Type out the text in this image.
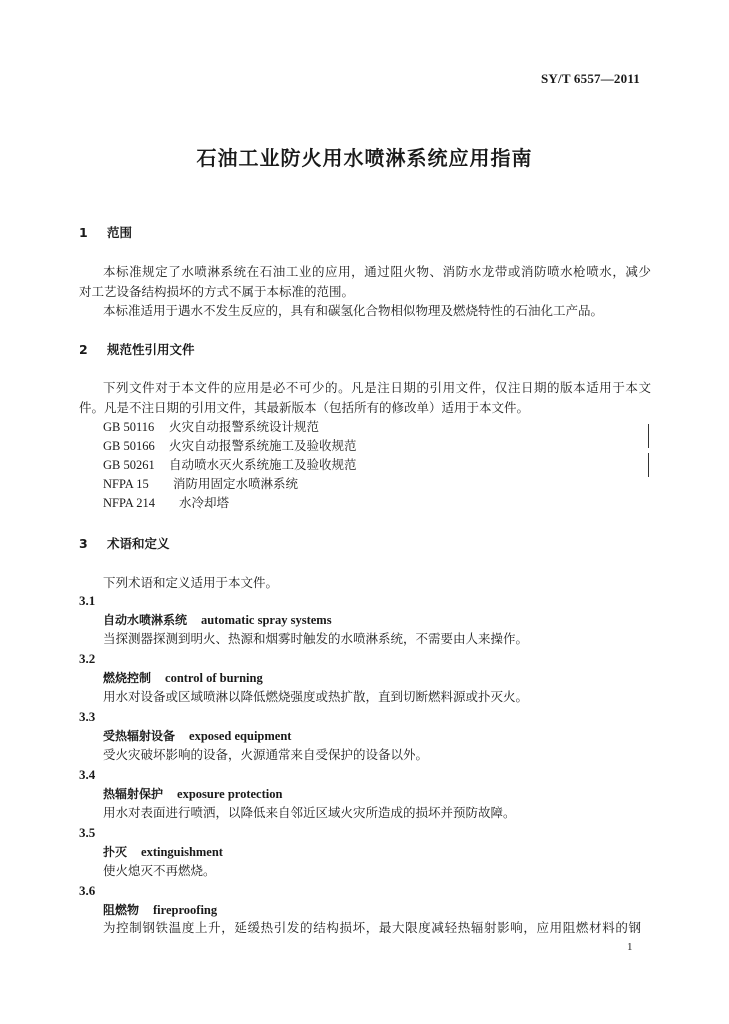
SY/T 6557—2011
石油工业防火用水喷淋系统应用指南
1 范围
本标准规定了水喷淋系统在石油工业的应用，通过阻火物、消防水龙带或消防喷水枪喷水，减少
对工艺设备结构损坏的方式不属于本标准的范围。
本标准适用于遇水不发生反应的，具有和碳氢化合物相似物理及燃烧特性的石油化工产品。
2 规范性引用文件
下列文件对于本文件的应用是必不可少的。凡是注日期的引用文件，仅注日期的版本适用于本文
件。凡是不注日期的引用文件，其最新版本（包括所有的修改单）适用于本文件。
GB 50116 火灾自动报警系统设计规范
GB 50166 火灾自动报警系统施工及验收规范
GB 50261 自动喷水灭火系统施工及验收规范
NFPA 15 消防用固定水喷淋系统
NFPA 214 水冷却塔
3 术语和定义
下列术语和定义适用于本文件。
3.1
自动水喷淋系统 automatic spray systems
当探测器探测到明火、热源和烟雾时触发的水喷淋系统，不需要由人来操作。
3.2
燃烧控制 control of burning
用水对设备或区域喷淋以降低燃烧强度或热扩散，直到切断燃料源或扑灭火。
3.3
受热辐射设备 exposed equipment
受火灾破坏影响的设备，火源通常来自受保护的设备以外。
3.4
热辐射保护 exposure protection
用水对表面进行喷洒，以降低来自邻近区域火灾所造成的损坏并预防故障。
3.5
扑灭 extinguishment
使火熄灭不再燃烧。
3.6
阻燃物 fireproofing
为控制钢铁温度上升，延缓热引发的结构损坏，最大限度减轻热辐射影响，应用阻燃材料的钢
1
